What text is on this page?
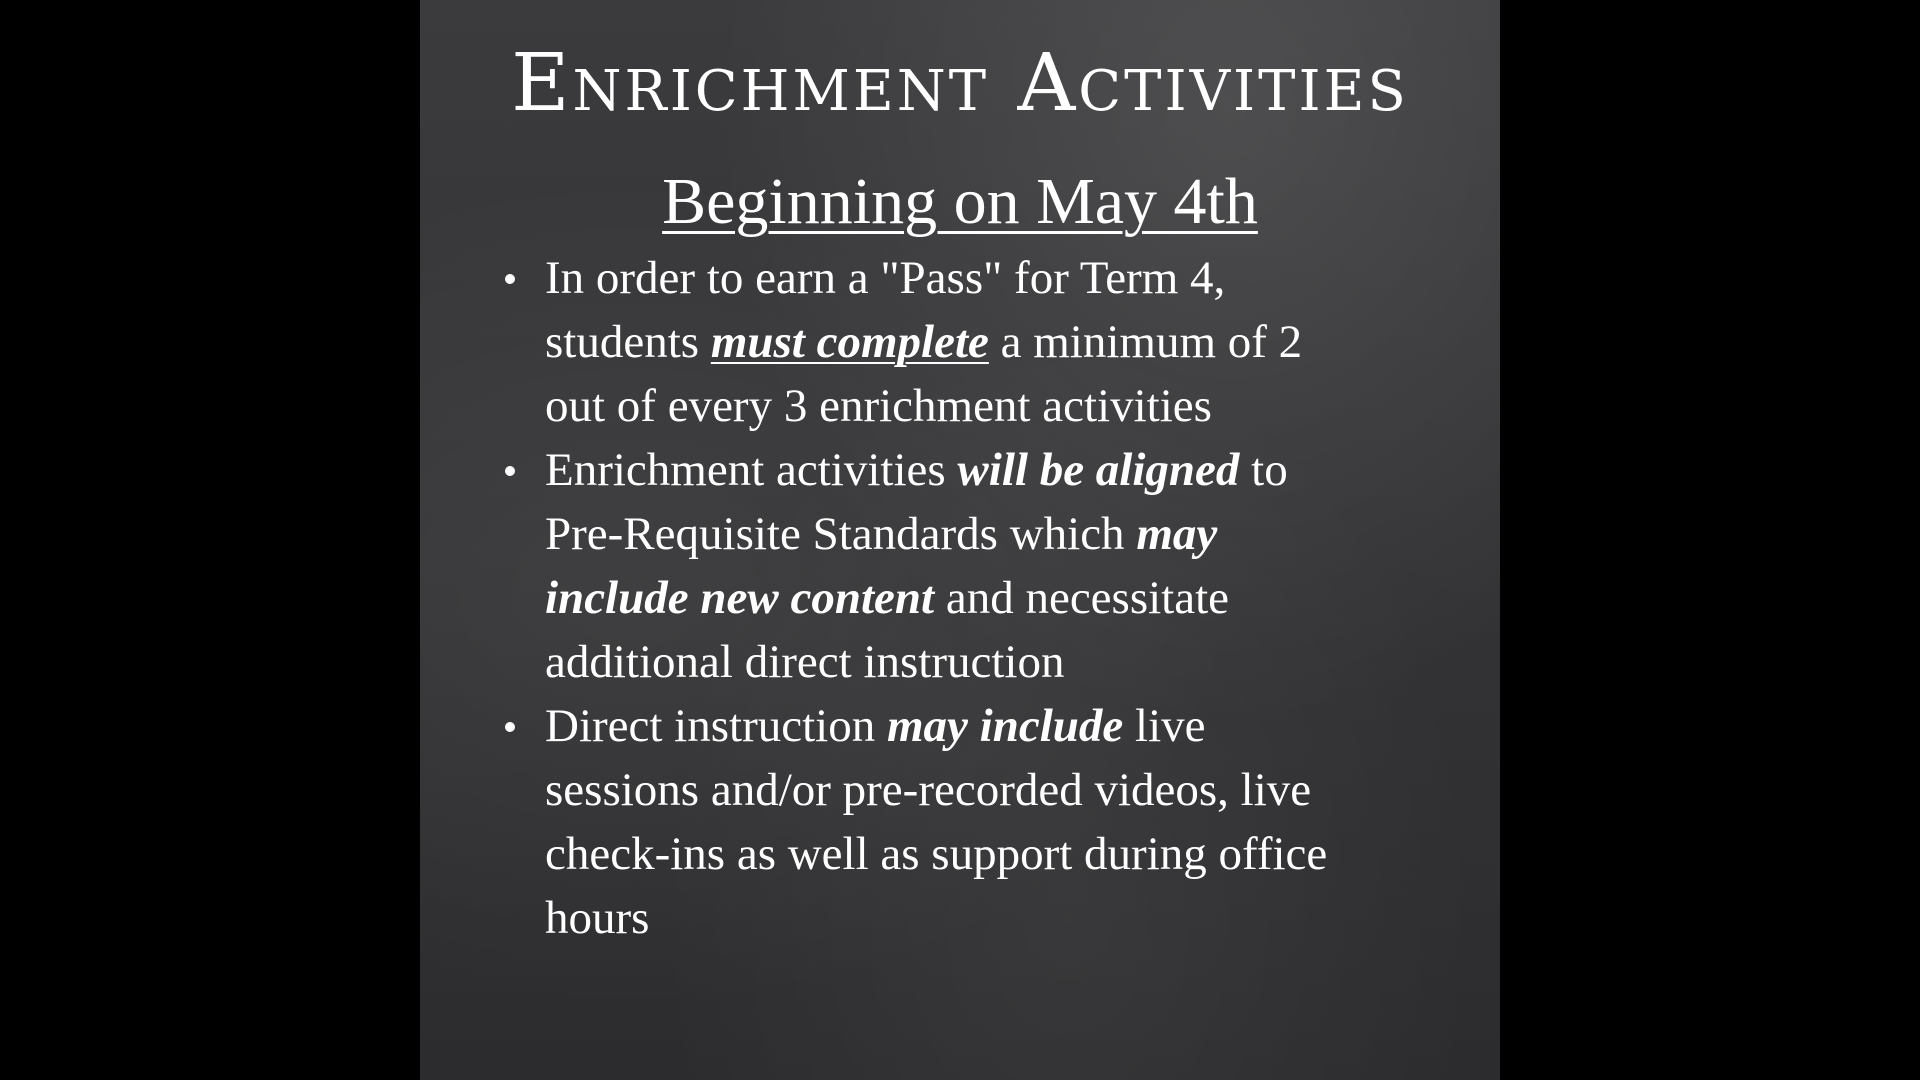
Enrichment Activities
Beginning on May 4th
In order to earn a "Pass" for Term 4,
students must complete a minimum of 2
out of every 3 enrichment activities
Enrichment activities will be aligned to
Pre-Requisite Standards which may
include new content and necessitate
additional direct instruction
Direct instruction may include live
sessions and/or pre-recorded videos, live
check-ins as well as support during office
hours
